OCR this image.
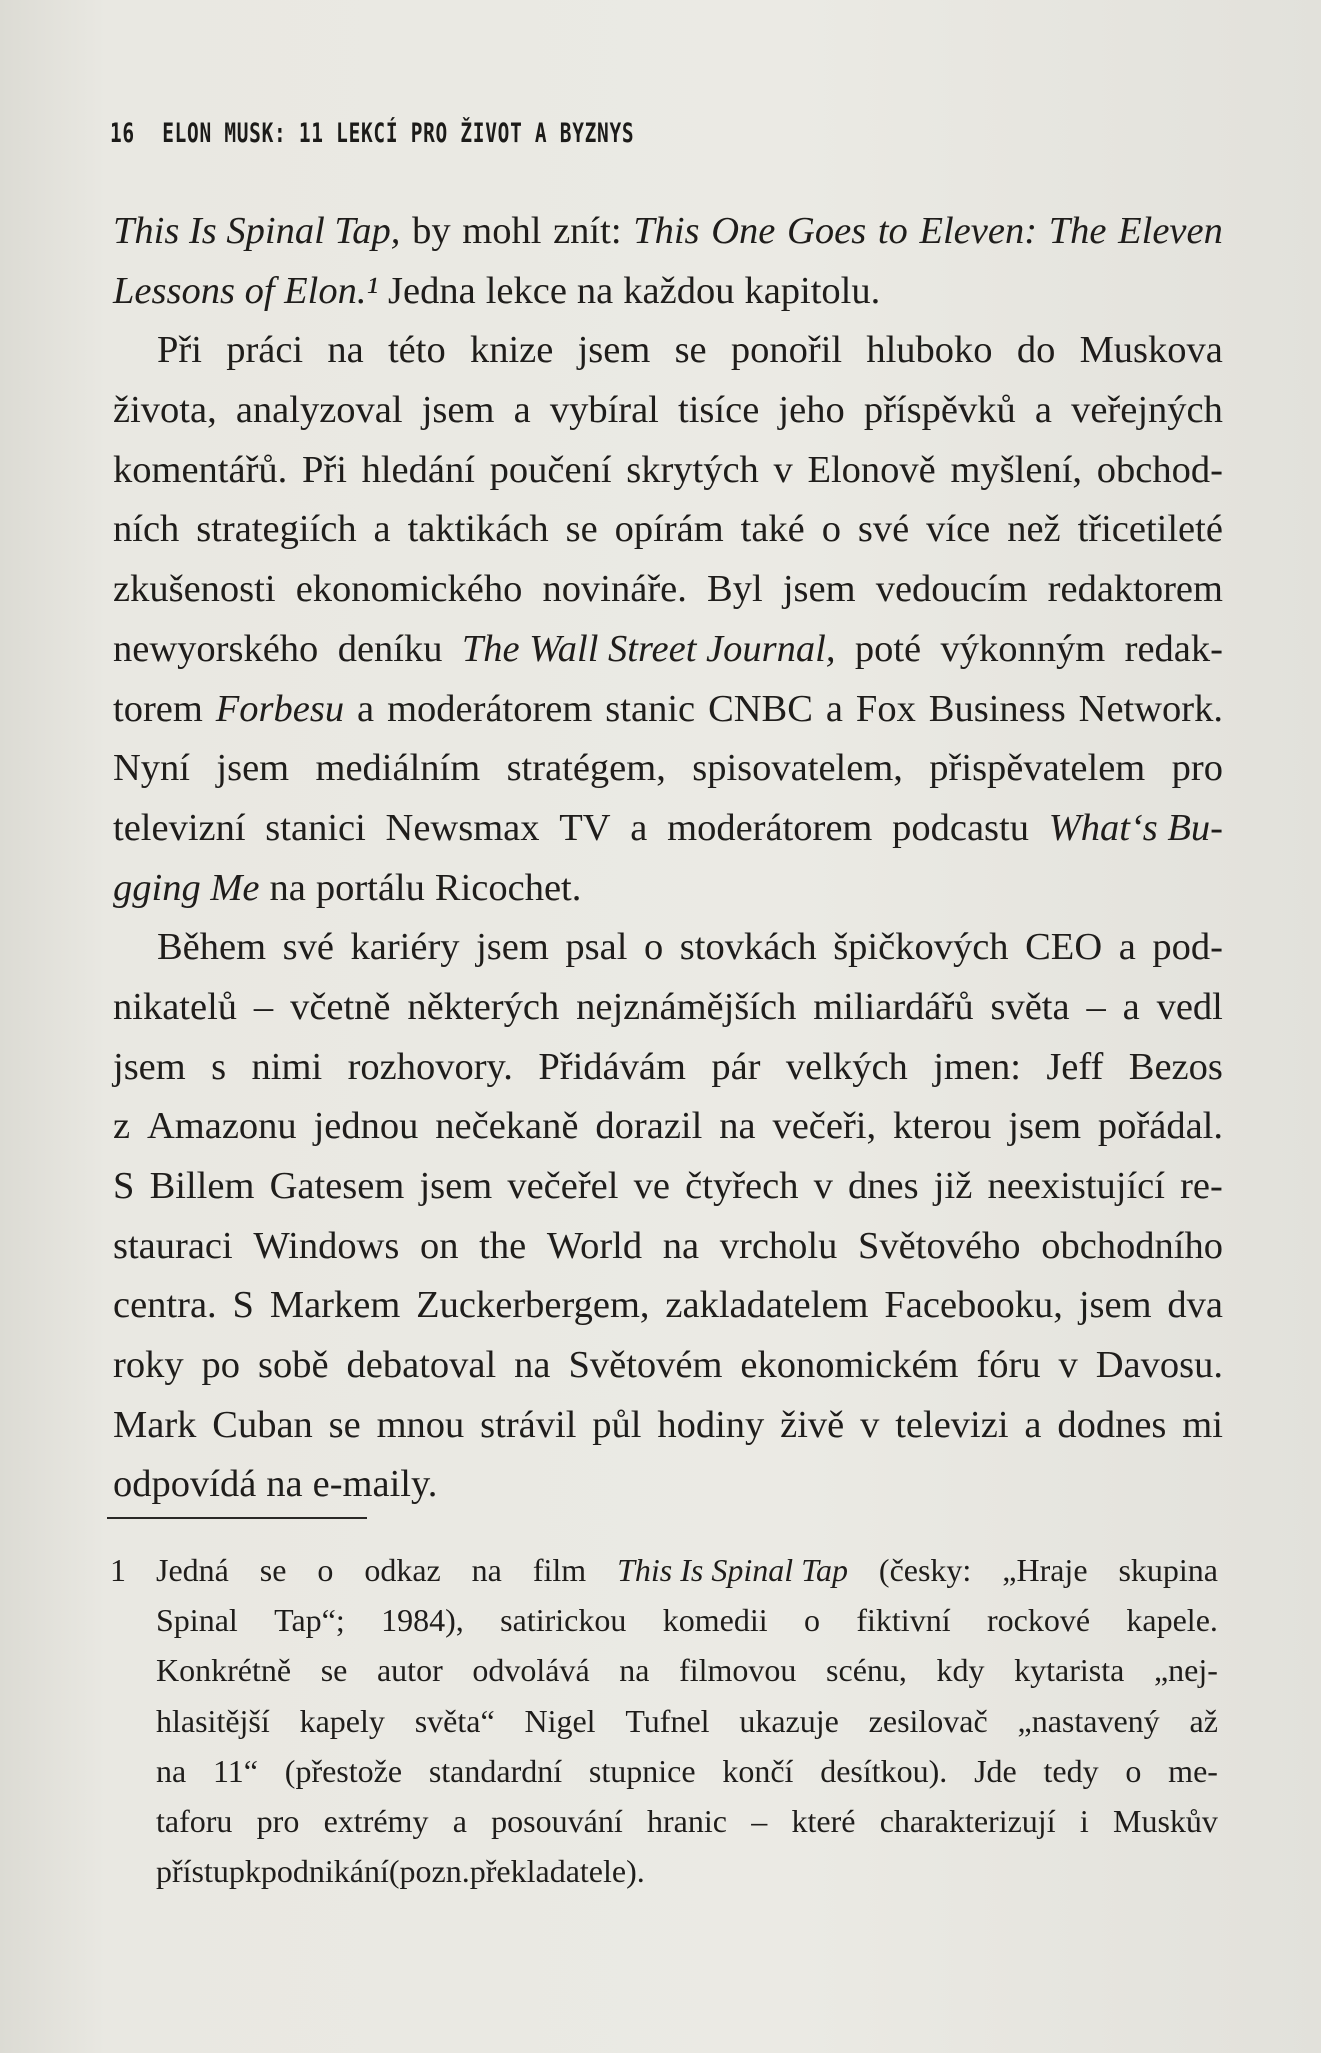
16 ELON MUSK: 11 LEKCÍ PRO ŽIVOT A BYZNYS
This Is Spinal Tap, by mohl znít: This One Goes to Eleven: The Eleven
Lessons of Elon.¹ Jedna lekce na každou kapitolu.
Při práci na této knize jsem se ponořil hluboko do Muskova
života, analyzoval jsem a vybíral tisíce jeho příspěvků a veřejných
komentářů. Při hledání poučení skrytých v Elonově myšlení, obchod-
ních strategiích a taktikách se opírám také o své více než třicetileté
zkušenosti ekonomického novináře. Byl jsem vedoucím redaktorem
newyorského deníku The Wall Street Journal, poté výkonným redak-
torem Forbesu a moderátorem stanic CNBC a Fox Business Network.
Nyní jsem mediálním stratégem, spisovatelem, přispěvatelem pro
televizní stanici Newsmax TV a moderátorem podcastu What‘s Bu-
gging Me na portálu Ricochet.
Během své kariéry jsem psal o stovkách špičkových CEO a pod-
nikatelů – včetně některých nejznámějších miliardářů světa – a vedl
jsem s nimi rozhovory. Přidávám pár velkých jmen: Jeff Bezos
z Amazonu jednou nečekaně dorazil na večeři, kterou jsem pořádal.
S Billem Gatesem jsem večeřel ve čtyřech v dnes již neexistující re-
stauraci Windows on the World na vrcholu Světového obchodního
centra. S Markem Zuckerbergem, zakladatelem Facebooku, jsem dva
roky po sobě debatoval na Světovém ekonomickém fóru v Davosu.
Mark Cuban se mnou strávil půl hodiny živě v televizi a dodnes mi
odpovídá na e-maily.
1 Jedná se o odkaz na film This Is Spinal Tap (česky: „Hraje skupina
Spinal Tap“; 1984), satirickou komedii o fiktivní rockové kapele.
Konkrétně se autor odvolává na filmovou scénu, kdy kytarista „nej-
hlasitější kapely světa“ Nigel Tufnel ukazuje zesilovač „nastavený až
na 11“ (přestože standardní stupnice končí desítkou). Jde tedy o me-
taforu pro extrémy a posouvání hranic – které charakterizují i Muskův
přístup k podnikání (pozn. překladatele).
